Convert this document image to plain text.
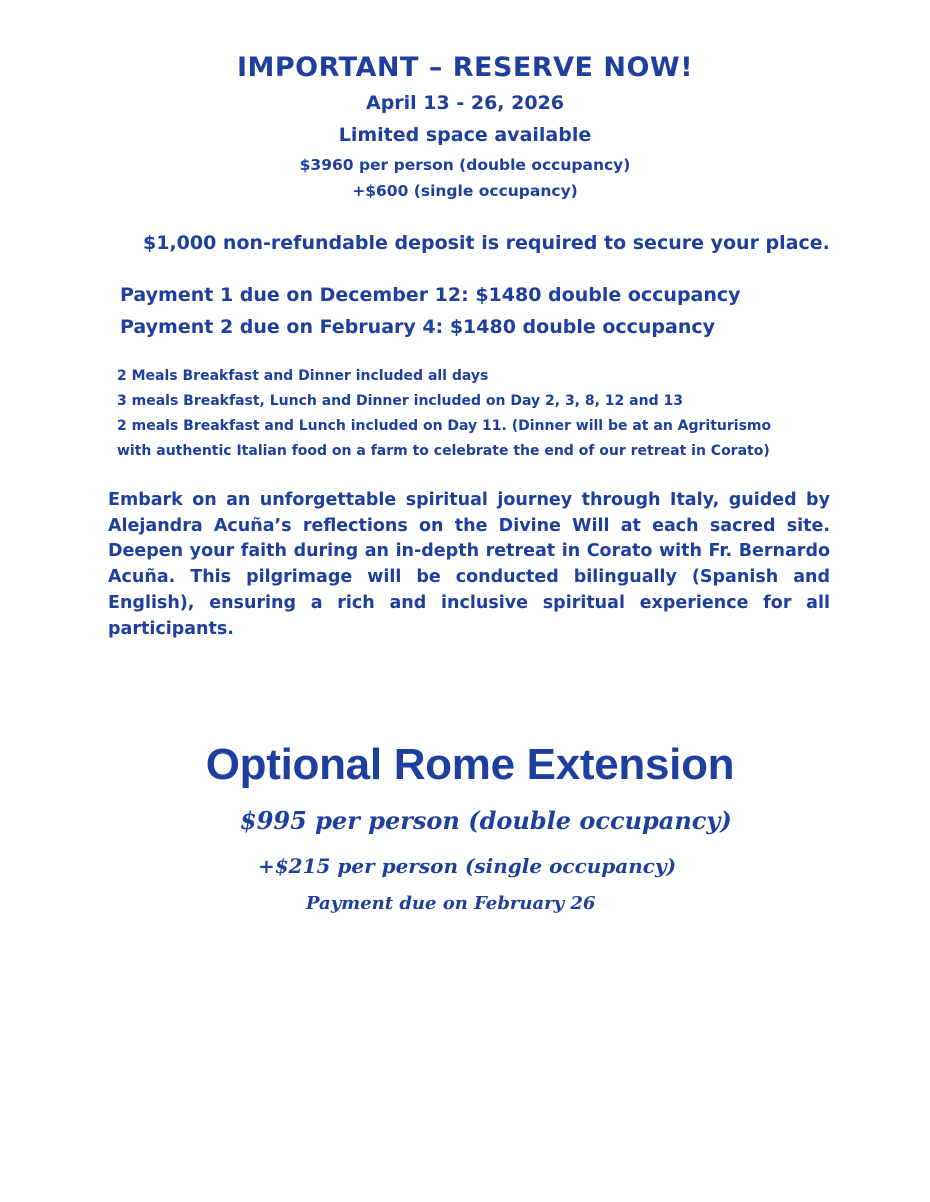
IMPORTANT – RESERVE NOW!
April 13 - 26, 2026
Limited space available
$3960 per person (double occupancy)
+$600 (single occupancy)
$1,000 non-refundable deposit is required to secure your place.
Payment 1 due on December 12: $1480 double occupancy
Payment 2 due on February 4: $1480 double occupancy
2 Meals Breakfast and Dinner included all days
3 meals Breakfast, Lunch and Dinner included on Day 2, 3, 8, 12 and 13
2 meals Breakfast and Lunch included on Day 11. (Dinner will be at an Agriturismo
with authentic Italian food on a farm to celebrate the end of our retreat in Corato)
Embark on an unforgettable spiritual journey through Italy, guided by Alejandra Acuña’s reflections on the Divine Will at each sacred site. Deepen your faith during an in-depth retreat in Corato with Fr. Bernardo Acuña. This pilgrimage will be conducted bilingually (Spanish and English), ensuring a rich and inclusive spiritual experience for all participants.
Optional Rome Extension
$995 per person (double occupancy)
+$215 per person (single occupancy)
Payment due on February 26
